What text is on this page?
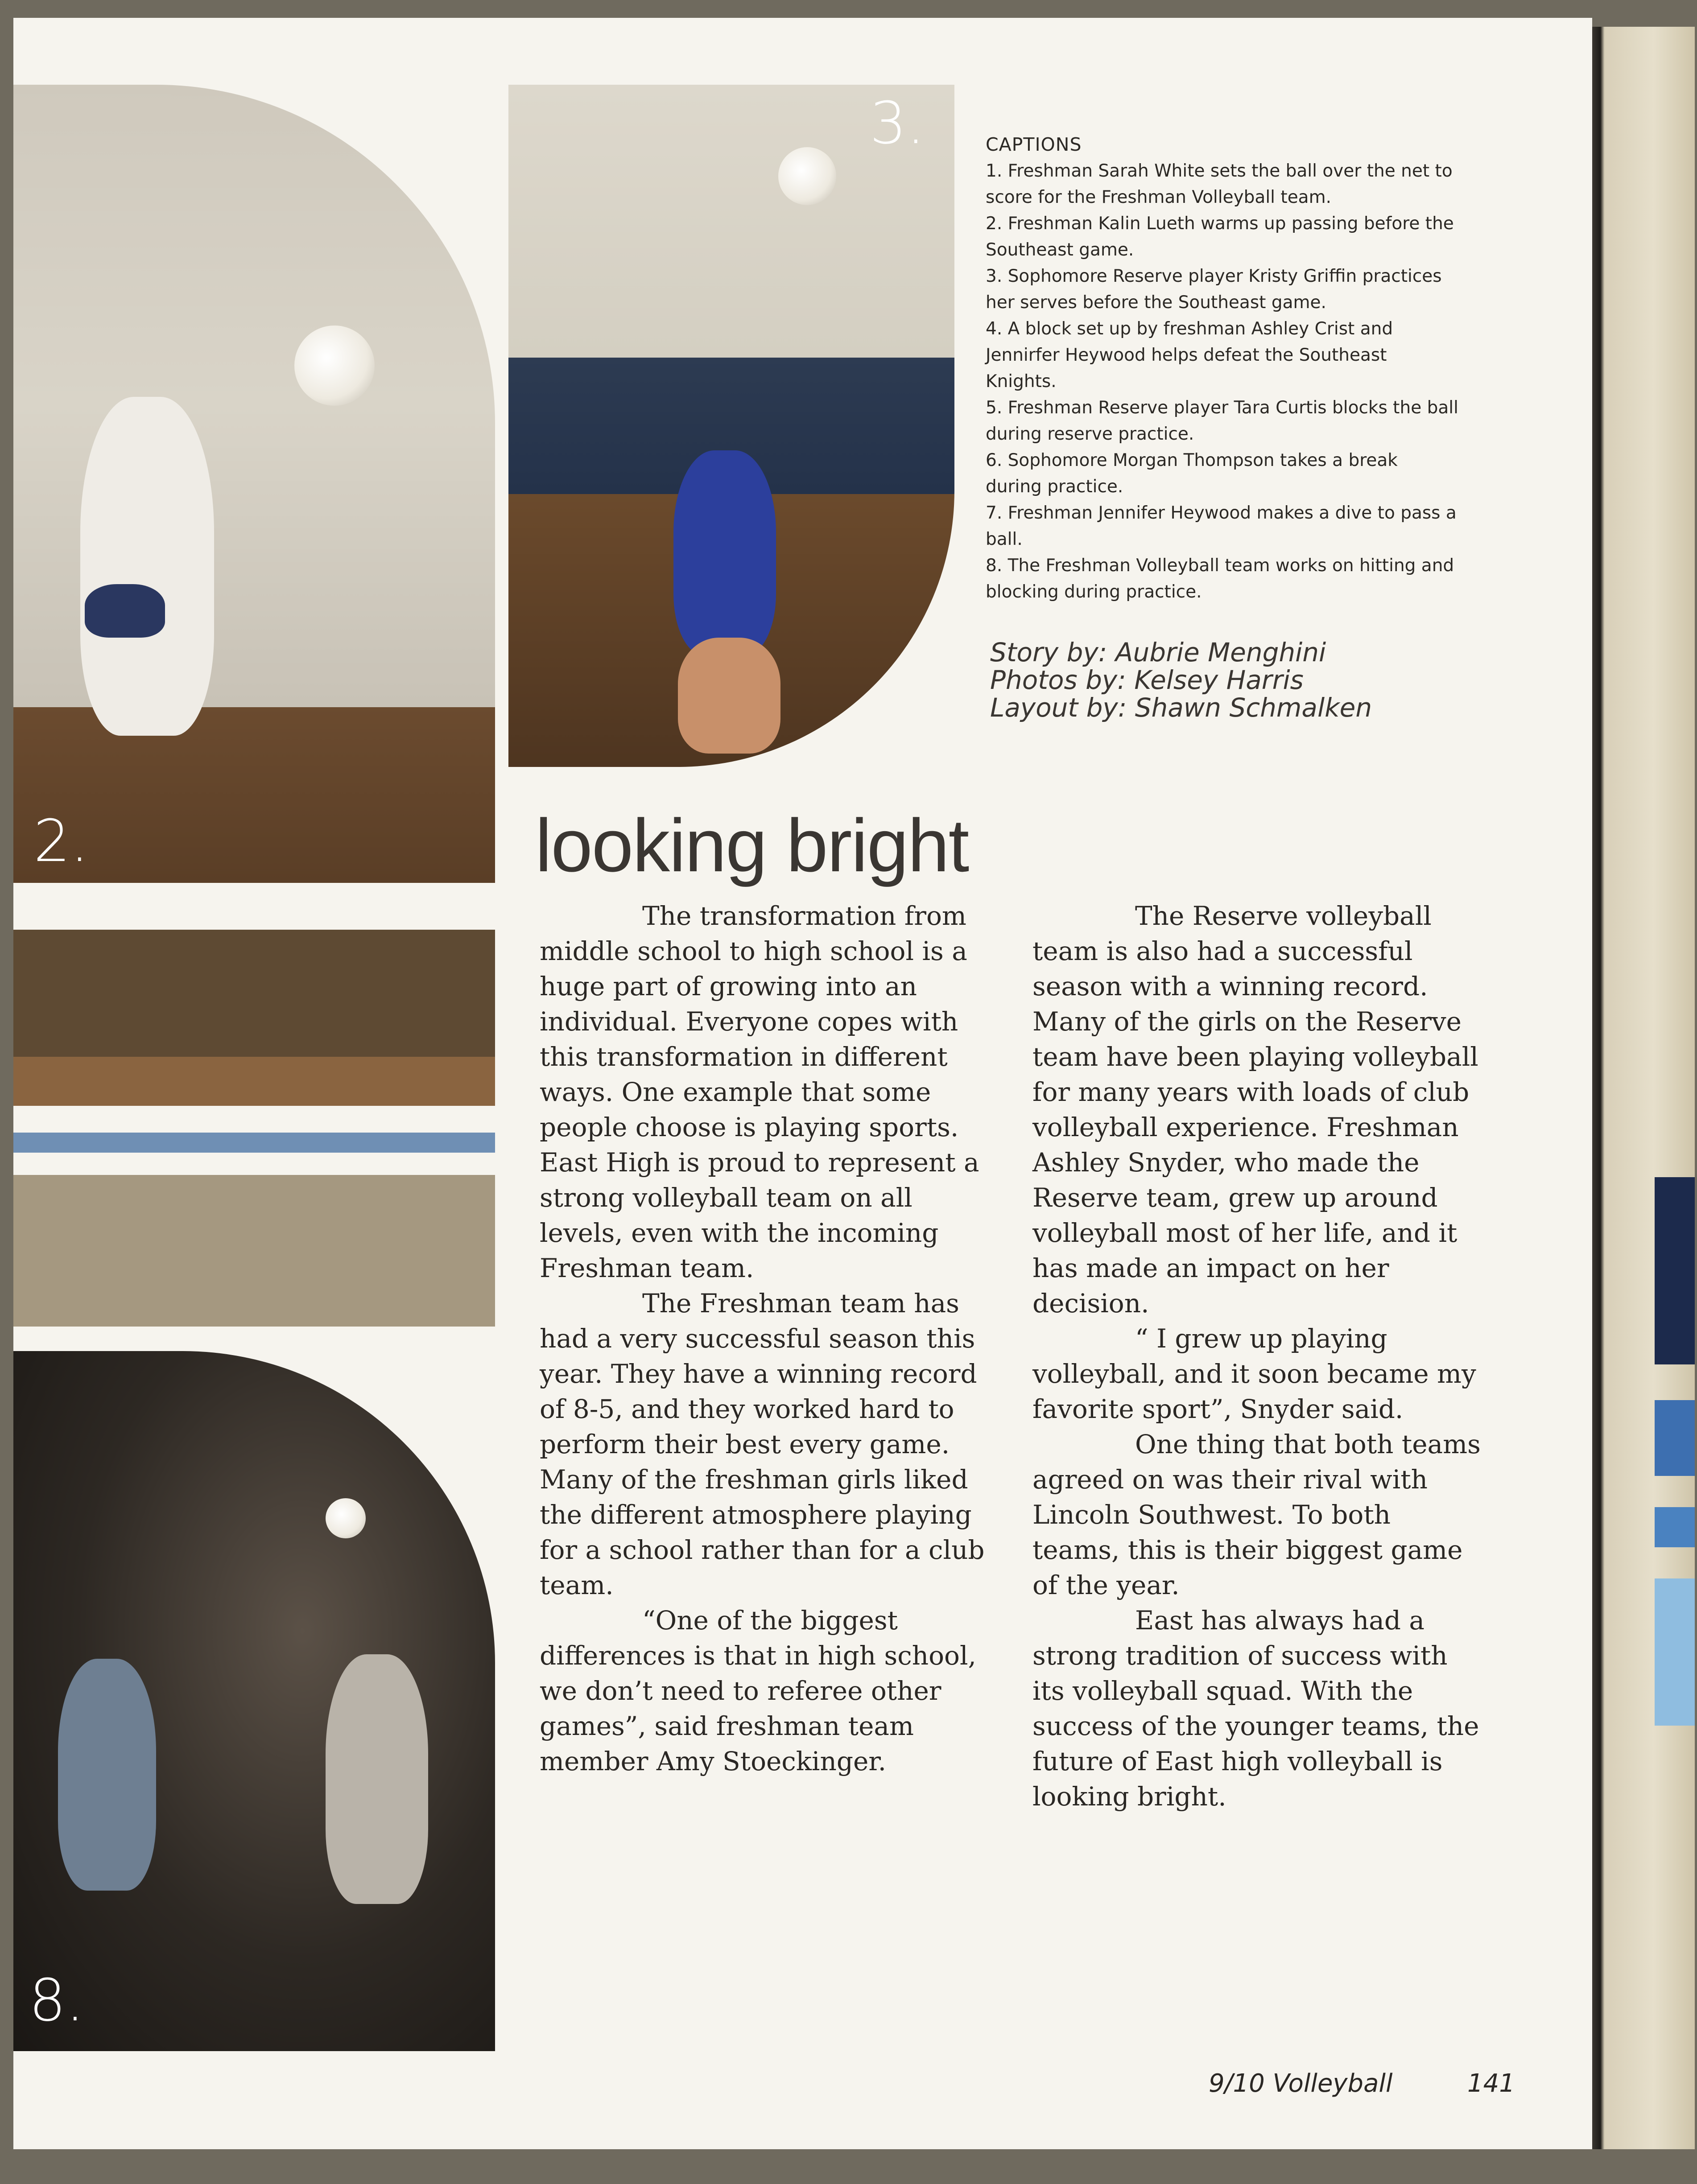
2.
3.
8.

CAPTIONS

1. Freshman Sarah White sets the ball over the net to score for the Freshman Volleyball team.

2. Freshman Kalin Lueth warms up passing before the Southeast game.

3. Sophomore Reserve player Kristy Griffin practices her serves before the Southeast game.

4. A block set up by freshman Ashley Crist and Jennirfer Heywood helps defeat the Southeast Knights.

5. Freshman Reserve player Tara Curtis blocks the ball during reserve practice.

6. Sophomore Morgan Thompson takes a break during practice.

7. Freshman Jennifer Heywood makes a dive to pass a ball.

8. The Freshman Volleyball team works on hitting and blocking during practice.

Story by: Aubrie Menghini
Photos by: Kelsey Harris
Layout by: Shawn Schmalken
looking bright

The transformation from middle school to high school is a huge part of growing into an individual. Everyone copes with this transformation in different ways. One example that some people choose is playing sports. East High is proud to represent a strong volleyball team on all levels, even with the incoming Freshman team.

The Freshman team has had a very successful season this year. They have a winning record of 8-5, and they worked hard to perform their best every game. Many of the freshman girls liked the different atmosphere playing for a school rather than for a club team.

“One of the biggest differences is that in high school, we don’t need to referee other games”, said freshman team member Amy Stoeckinger.

The Reserve volleyball team is also had a successful season with a winning record. Many of the girls on the Reserve team have been playing volleyball for many years with loads of club volleyball experience. Freshman Ashley Snyder, who made the Reserve team, grew up around volleyball most of her life, and it has made an impact on her decision.

“ I grew up playing volleyball, and it soon became my favorite sport”, Snyder said.

One thing that both teams agreed on was their rival with Lincoln Southwest. To both teams, this is their biggest game of the year.

East has always had a strong tradition of success with its volleyball squad. With the success of the younger teams, the future of East high volleyball is looking bright.

9/10 Volleyball	141
